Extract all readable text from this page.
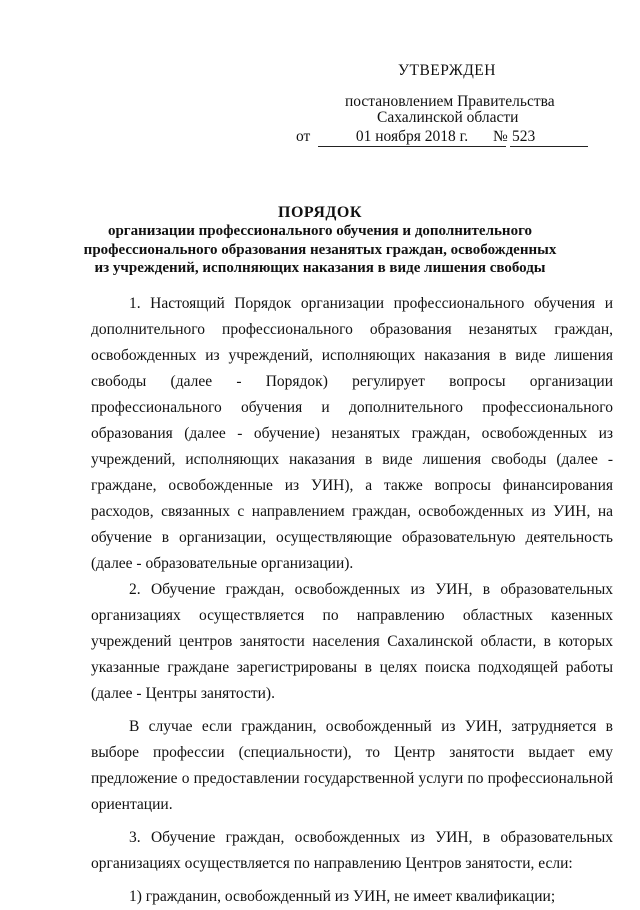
УТВЕРЖДЕН
постановлением Правительства
Сахалинской области
от	01 ноября 2018 г.	№ 523
ПОРЯДОК
организации профессионального обучения и дополнительного
профессионального образования незанятых граждан, освобожденных
из учреждений, исполняющих наказания в виде лишения свободы

1. Настоящий Порядок организации профессионального обучения и дополнительного профессионального образования незанятых граждан, освобожденных из учреждений, исполняющих наказания в виде лишения свободы (далее - Порядок) регулирует вопросы организации профессионального обучения и дополнительного профессионального образования (далее - обучение) незанятых граждан, освобожденных из учреждений, исполняющих наказания в виде лишения свободы (далее - граждане, освобожденные из УИН), а также вопросы финансирования расходов, связанных с направлением граждан, освобожденных из УИН, на обучение в организации, осуществляющие образовательную деятельность (далее - образовательные организации).

2. Обучение граждан, освобожденных из УИН, в образовательных организациях осуществляется по направлению областных казенных учреждений центров занятости населения Сахалинской области, в которых указанные граждане зарегистрированы в целях поиска подходящей работы (далее - Центры занятости).

В случае если гражданин, освобожденный из УИН, затрудняется в выборе профессии (специальности), то Центр занятости выдает ему предложение о предоставлении государственной услуги по профессиональной ориентации.

3. Обучение граждан, освобожденных из УИН, в образовательных организациях осуществляется по направлению Центров занятости, если:

1) гражданин, освобожденный из УИН, не имеет квалификации;
